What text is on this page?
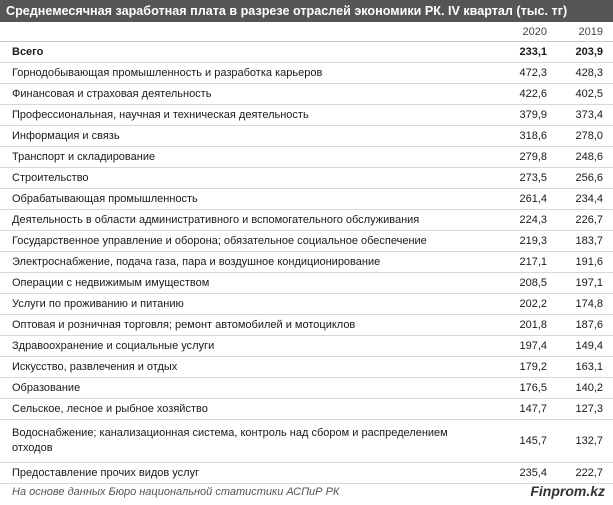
Среднемесячная заработная плата в разрезе отраслей экономики РК. IV квартал (тыс. тг)
	2020	2019
Всего	233,1	203,9
Горнодобывающая промышленность и разработка карьеров	472,3	428,3
Финансовая и страховая деятельность	422,6	402,5
Профессиональная, научная и техническая деятельность	379,9	373,4
Информация и связь	318,6	278,0
Транспорт и складирование	279,8	248,6
Строительство	273,5	256,6
Обрабатывающая промышленность	261,4	234,4
Деятельность в области административного и вспомогательного обслуживания	224,3	226,7
Государственное управление и оборона; обязательное социальное обеспечение	219,3	183,7
Электроснабжение, подача газа, пара и воздушное кондиционирование	217,1	191,6
Операции с недвижимым имуществом	208,5	197,1
Услуги по проживанию и питанию	202,2	174,8
Оптовая и розничная торговля; ремонт автомобилей и мотоциклов	201,8	187,6
Здравоохранение и социальные услуги	197,4	149,4
Искусство, развлечения и отдых	179,2	163,1
Образование	176,5	140,2
Сельское, лесное и рыбное хозяйство	147,7	127,3
Водоснабжение; канализационная система, контроль над сбором и распределением отходов	145,7	132,7
Предоставление прочих видов услуг	235,4	222,7
На основе данных Бюро национальной статистики АСПиР РК	Finprom.kz
